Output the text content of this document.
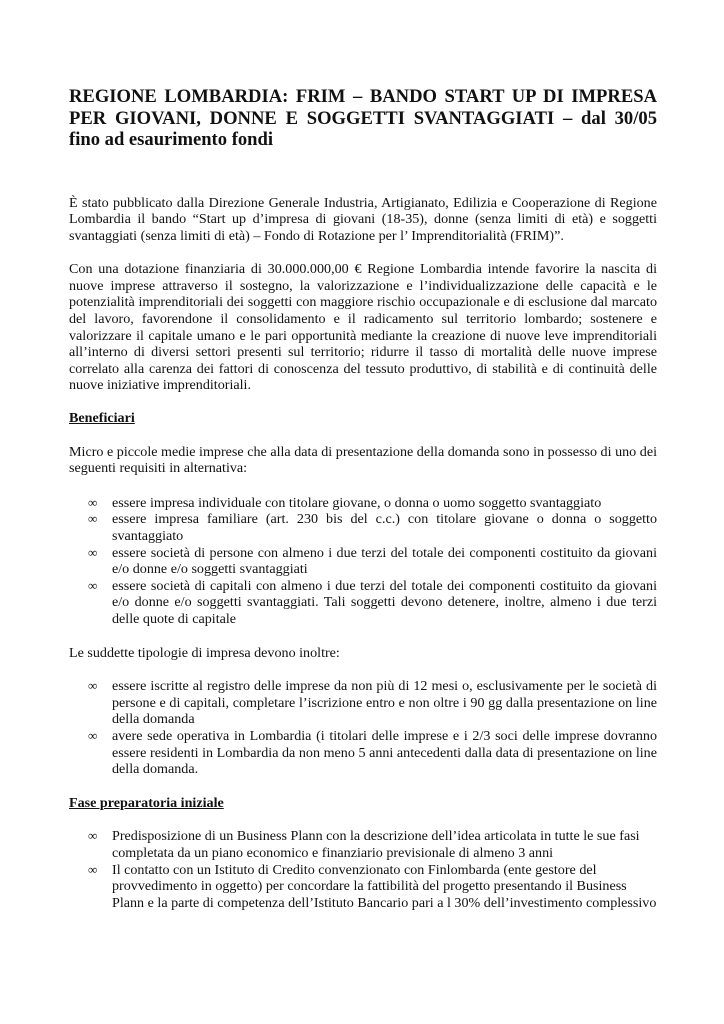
REGIONE LOMBARDIA: FRIM – BANDO START UP DI IMPRESA PER GIOVANI, DONNE E SOGGETTI SVANTAGGIATI – dal 30/05 fino ad esaurimento fondi

È stato pubblicato dalla Direzione Generale Industria, Artigianato, Edilizia e Cooperazione di Regione Lombardia il bando “Start up d’impresa di giovani (18-35), donne (senza limiti di età) e soggetti svantaggiati (senza limiti di età) – Fondo di Rotazione per l’ Imprenditorialità (FRIM)”.

Con una dotazione finanziaria di 30.000.000,00 € Regione Lombardia intende favorire la nascita di nuove imprese attraverso il sostegno, la valorizzazione e l’individualizzazione delle capacità e le potenzialità imprenditoriali dei soggetti con maggiore rischio occupazionale e di esclusione dal marcato del lavoro, favorendone il consolidamento e il radicamento sul territorio lombardo; sostenere e valorizzare il capitale umano e le pari opportunità mediante la creazione di nuove leve imprenditoriali all’interno di diversi settori presenti sul territorio; ridurre il tasso di mortalità delle nuove imprese correlato alla carenza dei fattori di conoscenza del tessuto produttivo, di stabilità e di continuità delle nuove iniziative imprenditoriali.

Beneficiari

Micro e piccole medie imprese che alla data di presentazione della domanda sono in possesso di uno dei seguenti requisiti in alternativa:

∞ essere impresa individuale con titolare giovane, o donna o uomo soggetto svantaggiato
∞ essere impresa familiare (art. 230 bis del c.c.) con titolare giovane o donna o soggetto svantaggiato
∞ essere società di persone con almeno i due terzi del totale dei componenti costituito da giovani e/o donne e/o soggetti svantaggiati
∞ essere società di capitali con almeno i due terzi del totale dei componenti costituito da giovani e/o donne e/o soggetti svantaggiati. Tali soggetti devono detenere, inoltre, almeno i due terzi delle quote di capitale

Le suddette tipologie di impresa devono inoltre:

∞ essere iscritte al registro delle imprese da non più di 12 mesi o, esclusivamente per le società di persone e di capitali, completare l’iscrizione entro e non oltre i 90 gg dalla presentazione on line della domanda
∞ avere sede operativa in Lombardia (i titolari delle imprese e i 2/3 soci delle imprese dovranno essere residenti in Lombardia da non meno 5 anni antecedenti dalla data di presentazione on line della domanda.
Fase preparatoria iniziale
∞ Predisposizione di un Business Plann con la descrizione dell’idea articolata in tutte le sue fasi completata da un piano economico e finanziario previsionale di almeno 3 anni
∞ Il contatto con un Istituto di Credito convenzionato con Finlombarda (ente gestore del provvedimento in oggetto) per concordare la fattibilità del progetto presentando il Business Plann e la parte di competenza dell’Istituto Bancario pari a l 30% dell’investimento complessivo
